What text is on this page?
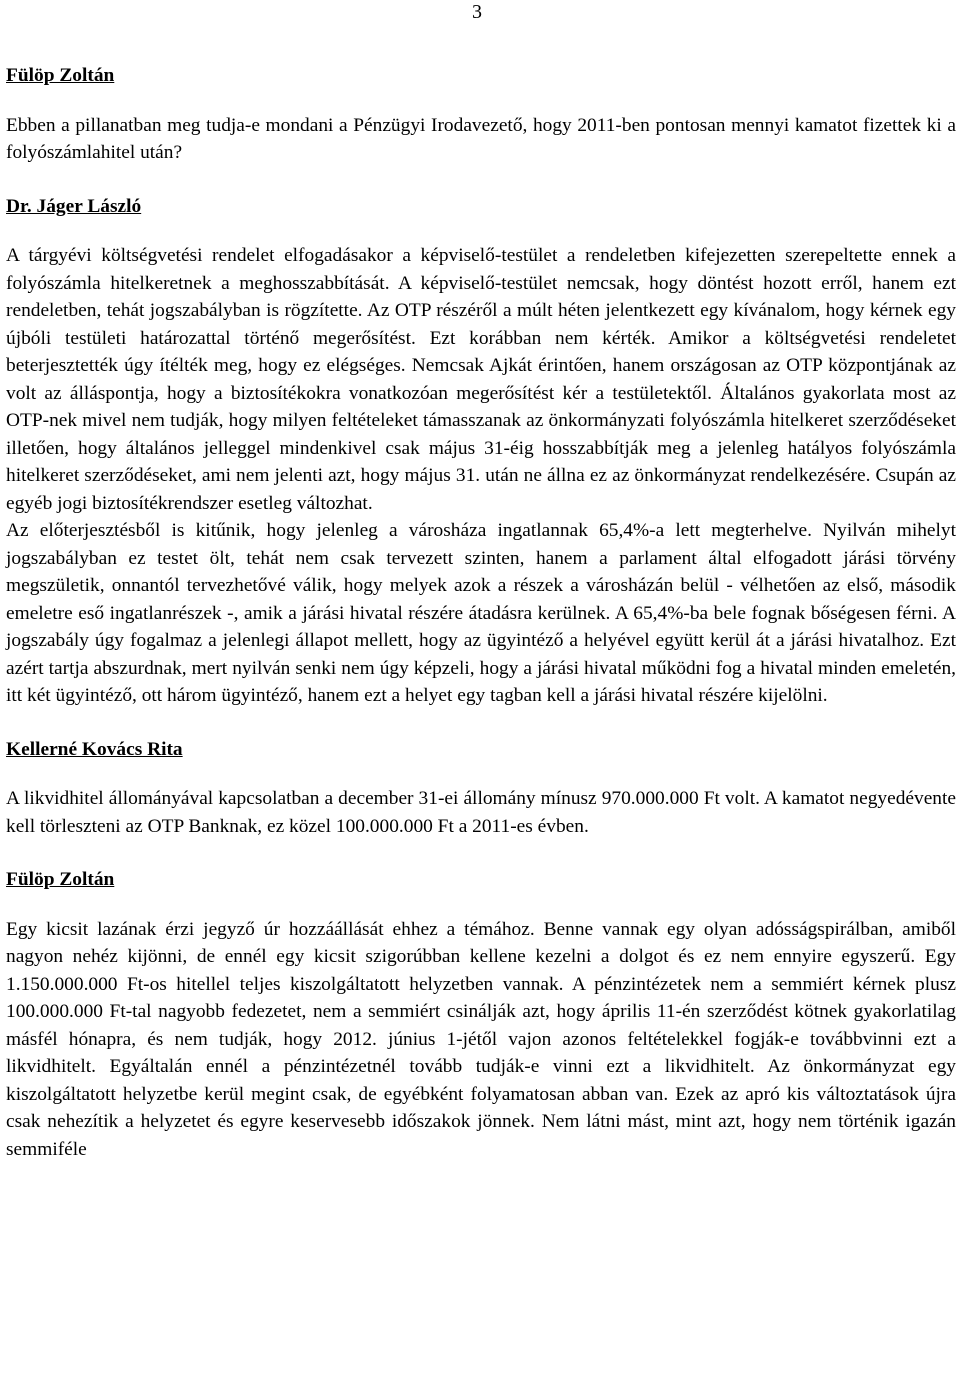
3
Fülöp Zoltán

Ebben a pillanatban meg tudja-e mondani a Pénzügyi Irodavezető, hogy 2011-ben pontosan mennyi kamatot fizettek ki a folyószámlahitel után?

Dr. Jáger László

A tárgyévi költségvetési rendelet elfogadásakor a képviselő-testület a rendeletben kifejezetten szerepeltette ennek a folyószámla hitelkeretnek a meghosszabbítását. A képviselő-testület nemcsak, hogy döntést hozott erről, hanem ezt rendeletben, tehát jogszabályban is rögzítette. Az OTP részéről a múlt héten jelentkezett egy kívánalom, hogy kérnek egy újbóli testületi határozattal történő megerősítést. Ezt korábban nem kérték. Amikor a költségvetési rendeletet beterjesztették úgy ítélték meg, hogy ez elégséges. Nemcsak Ajkát érintően, hanem országosan az OTP központjának az volt az álláspontja, hogy a biztosítékokra vonatkozóan megerősítést kér a testületektől. Általános gyakorlata most az OTP-nek mivel nem tudják, hogy milyen feltételeket támasszanak az önkormányzati folyószámla hitelkeret szerződéseket illetően, hogy általános jelleggel mindenkivel csak május 31-éig hosszabbítják meg a jelenleg hatályos folyószámla hitelkeret szerződéseket, ami nem jelenti azt, hogy május 31. után ne állna ez az önkormányzat rendelkezésére. Csupán az egyéb jogi biztosítékrendszer esetleg változhat.

Az előterjesztésből is kitűnik, hogy jelenleg a városháza ingatlannak 65,4%-a lett megterhelve. Nyilván mihelyt jogszabályban ez testet ölt, tehát nem csak tervezett szinten, hanem a parlament által elfogadott járási törvény megszületik, onnantól tervezhetővé válik, hogy melyek azok a részek a városházán belül - vélhetően az első, második emeletre eső ingatlanrészek -, amik a járási hivatal részére átadásra kerülnek. A 65,4%-ba bele fognak bőségesen férni. A jogszabály úgy fogalmaz a jelenlegi állapot mellett, hogy az ügyintéző a helyével együtt kerül át a járási hivatalhoz. Ezt azért tartja abszurdnak, mert nyilván senki nem úgy képzeli, hogy a járási hivatal működni fog a hivatal minden emeletén, itt két ügyintéző, ott három ügyintéző, hanem ezt a helyet egy tagban kell a járási hivatal részére kijelölni.

Kellerné Kovács Rita

A likvidhitel állományával kapcsolatban a december 31-ei állomány mínusz 970.000.000 Ft volt. A kamatot negyedévente kell törleszteni az OTP Banknak, ez közel 100.000.000 Ft a 2011-es évben.

Fülöp Zoltán

Egy kicsit lazának érzi jegyző úr hozzáállását ehhez a témához. Benne vannak egy olyan adósságspirálban, amiből nagyon nehéz kijönni, de ennél egy kicsit szigorúbban kellene kezelni a dolgot és ez nem ennyire egyszerű. Egy 1.150.000.000 Ft-os hitellel teljes kiszolgáltatott helyzetben vannak. A pénzintézetek nem a semmiért kérnek plusz 100.000.000 Ft-tal nagyobb fedezetet, nem a semmiért csinálják azt, hogy április 11-én szerződést kötnek gyakorlatilag másfél hónapra, és nem tudják, hogy 2012. június 1-jétől vajon azonos feltételekkel fogják-e továbbvinni ezt a likvidhitelt. Egyáltalán ennél a pénzintézetnél tovább tudják-e vinni ezt a likvidhitelt. Az önkormányzat egy kiszolgáltatott helyzetbe kerül megint csak, de egyébként folyamatosan abban van. Ezek az apró kis változtatások újra csak nehezítik a helyzetet és egyre keservesebb időszakok jönnek. Nem látni mást, mint azt, hogy nem történik igazán semmiféle
